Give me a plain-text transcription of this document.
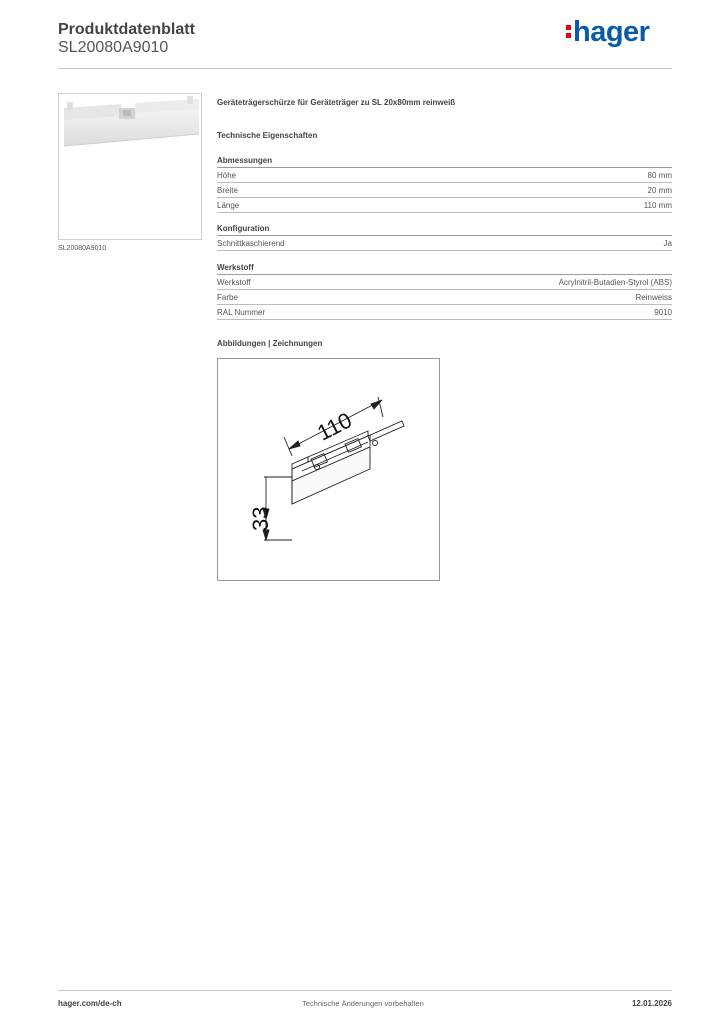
Produktdatenblatt
SL20080A9010	hager
SL20080A9010
Geräteträgerschürze für Geräteträger zu SL 20x80mm reinweiß
Technische Eigenschaften
Abmessungen
Höhe	80 mm
Breite	20 mm
Länge	110 mm
Konfiguration
Schnittkaschierend	Ja
Werkstoff
Werkstoff	Acrylnitril-Butadien-Styrol (ABS)
Farbe	Reinweiss
RAL Nummer	9010
Abbildungen | Zeichnungen
110
33
hager.com/de-ch	Technische Änderungen vorbehalten	12.01.2026
